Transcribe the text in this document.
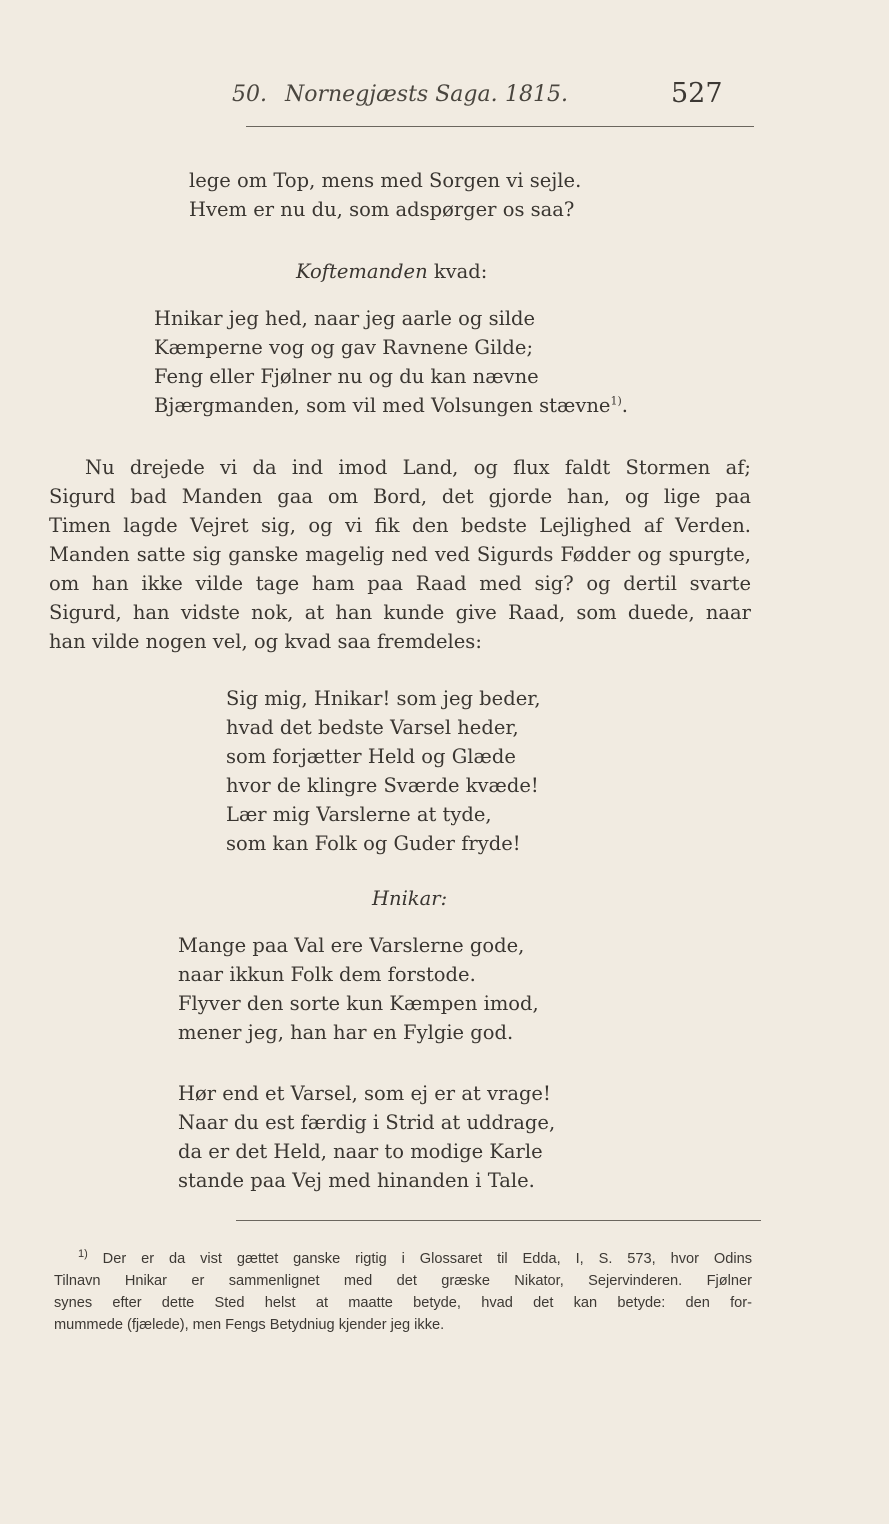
50. Nornegjæsts Saga. 1815.	527
lege om Top, mens med Sorgen vi sejle.
Hvem er nu du, som adspørger os saa?
Koftemanden kvad:
Hnikar jeg hed, naar jeg aarle og silde
Kæmperne vog og gav Ravnene Gilde;
Feng eller Fjølner nu og du kan nævne
Bjærgmanden, som vil med Volsungen stævne$^{1)}$.
Nu drejede vi da ind imod Land, og flux faldt Stormen af;
Sigurd bad Manden gaa om Bord, det gjorde han, og lige paa
Timen lagde Vejret sig, og vi fik den bedste Lejlighed af Verden.
Manden satte sig ganske magelig ned ved Sigurds Fødder og spurgte,
om han ikke vilde tage ham paa Raad med sig? og dertil svarte
Sigurd, han vidste nok, at han kunde give Raad, som duede, naar
han vilde nogen vel, og kvad saa fremdeles:
Sig mig, Hnikar! som jeg beder,
hvad det bedste Varsel heder,
som forjætter Held og Glæde
hvor de klingre Sværde kvæde!
Lær mig Varslerne at tyde,
som kan Folk og Guder fryde!
Hnikar:
Mange paa Val ere Varslerne gode,
naar ikkun Folk dem forstode.
Flyver den sorte kun Kæmpen imod,
mener jeg, han har en Fylgie god.
Hør end et Varsel, som ej er at vrage!
Naar du est færdig i Strid at uddrage,
da er det Held, naar to modige Karle
stande paa Vej med hinanden i Tale.
$^{1)}$ Der er da vist gættet ganske rigtig i Glossaret til Edda, I, S. 573, hvor Odins
Tilnavn Hnikar er sammenlignet med det græske Nikator, Sejervinderen. Fjølner
synes efter dette Sted helst at maatte betyde, hvad det kan betyde: den for-
mummede (fjælede), men Fengs Betydniug kjender jeg ikke.
